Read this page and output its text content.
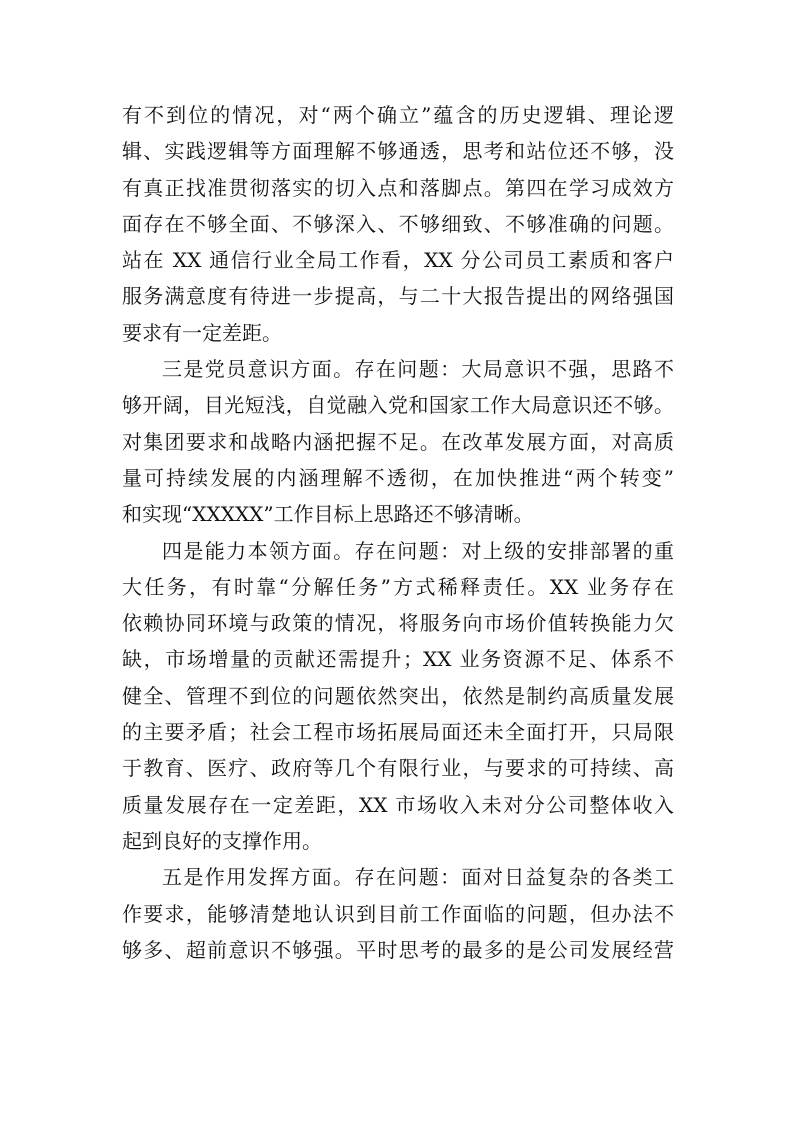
有不到位的情况，对“两个确立”蕴含的历史逻辑、理论逻
辑、实践逻辑等方面理解不够通透，思考和站位还不够，没
有真正找准贯彻落实的切入点和落脚点。第四在学习成效方
面存在不够全面、不够深入、不够细致、不够准确的问题。
站在 XX 通信行业全局工作看，XX 分公司员工素质和客户
服务满意度有待进一步提高，与二十大报告提出的网络强国
要求有一定差距。
三是党员意识方面。存在问题：大局意识不强，思路不
够开阔，目光短浅，自觉融入党和国家工作大局意识还不够。
对集团要求和战略内涵把握不足。在改革发展方面，对高质
量可持续发展的内涵理解不透彻，在加快推进“两个转变”
和实现“XXXXX”工作目标上思路还不够清晰。
四是能力本领方面。存在问题：对上级的安排部署的重
大任务，有时靠“分解任务”方式稀释责任。XX 业务存在
依赖协同环境与政策的情况，将服务向市场价值转换能力欠
缺，市场增量的贡献还需提升；XX 业务资源不足、体系不
健全、管理不到位的问题依然突出，依然是制约高质量发展
的主要矛盾；社会工程市场拓展局面还未全面打开，只局限
于教育、医疗、政府等几个有限行业，与要求的可持续、高
质量发展存在一定差距，XX 市场收入未对分公司整体收入
起到良好的支撑作用。
五是作用发挥方面。存在问题：面对日益复杂的各类工
作要求，能够清楚地认识到目前工作面临的问题，但办法不
够多、超前意识不够强。平时思考的最多的是公司发展经营
